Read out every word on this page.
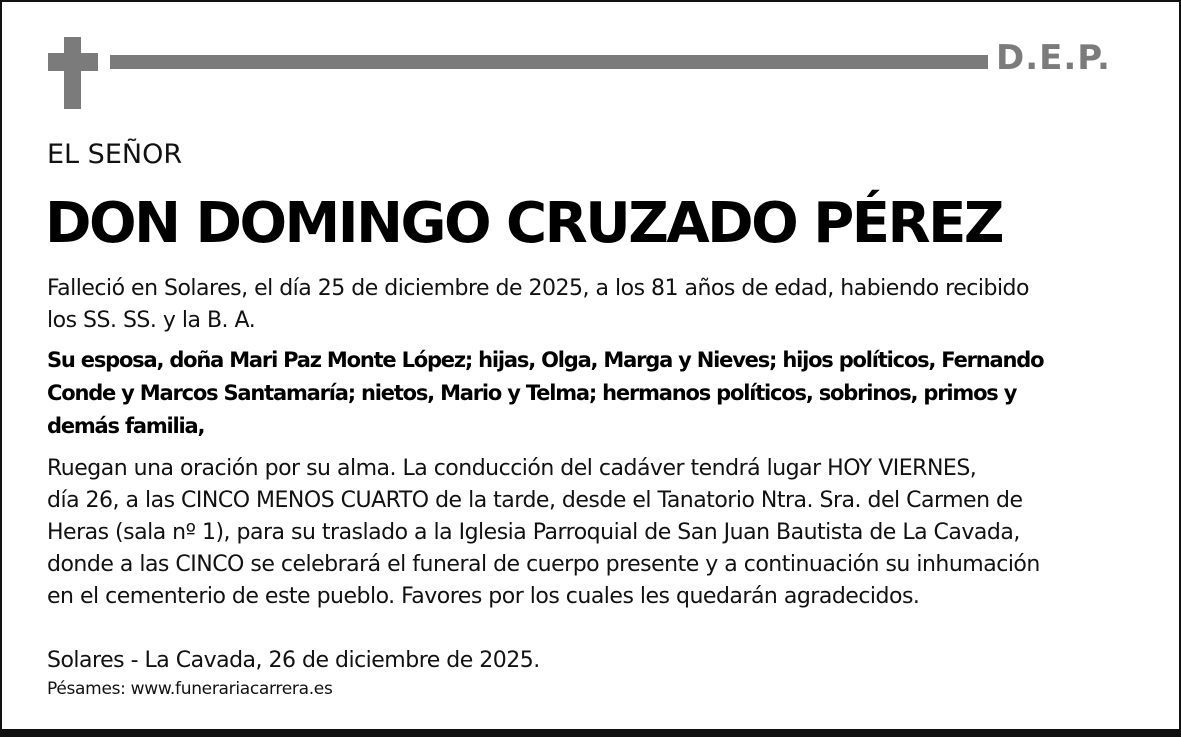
D.E.P.
EL SEÑOR
DON DOMINGO CRUZADO PÉREZ
Falleció en Solares, el día 25 de diciembre de 2025, a los 81 años de edad, habiendo recibido
los SS. SS. y la B. A.
Su esposa, doña Mari Paz Monte López; hijas, Olga, Marga y Nieves; hijos políticos, Fernando
Conde y Marcos Santamaría; nietos, Mario y Telma; hermanos políticos, sobrinos, primos y
demás familia,
Ruegan una oración por su alma. La conducción del cadáver tendrá lugar HOY VIERNES,
día 26, a las CINCO MENOS CUARTO de la tarde, desde el Tanatorio Ntra. Sra. del Carmen de
Heras (sala nº 1), para su traslado a la Iglesia Parroquial de San Juan Bautista de La Cavada,
donde a las CINCO se celebrará el funeral de cuerpo presente y a continuación su inhumación
en el cementerio de este pueblo. Favores por los cuales les quedarán agradecidos.
Solares - La Cavada, 26 de diciembre de 2025.
Pésames: www.funerariacarrera.es
